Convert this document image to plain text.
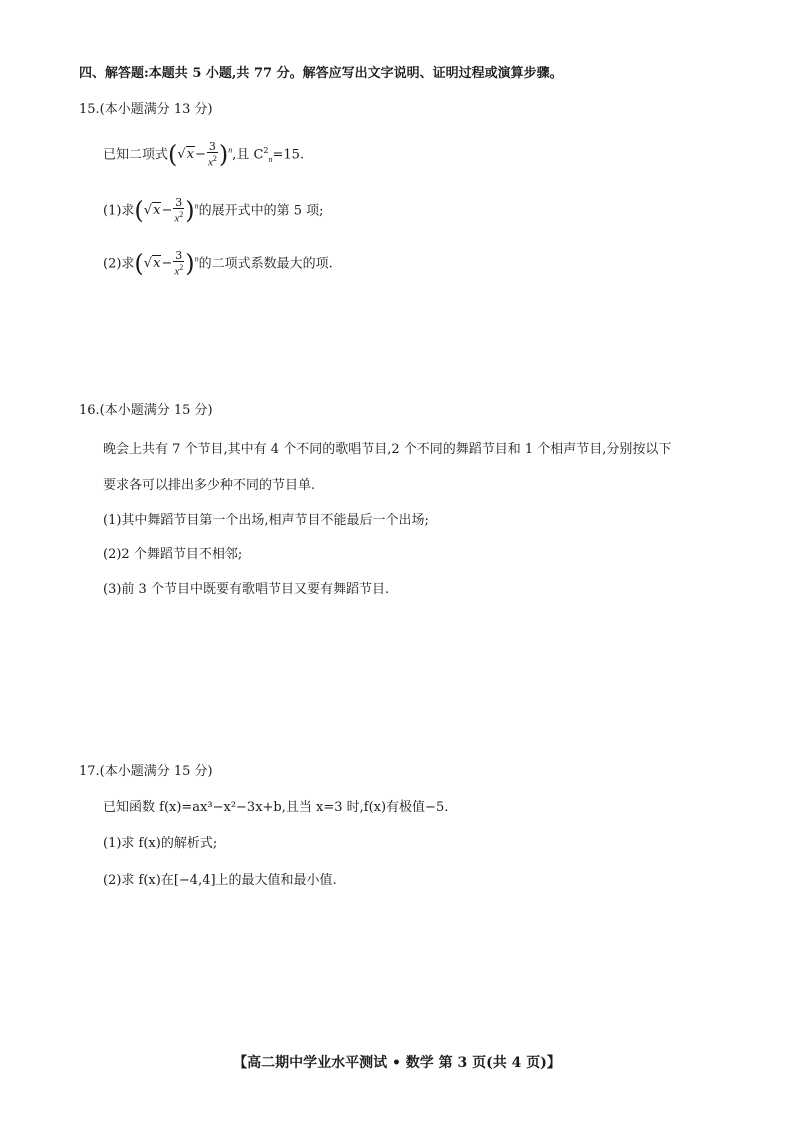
四、解答题:本题共 5 小题,共 77 分。解答应写出文字说明、证明过程或演算步骤。
15.(本小题满分 13 分)
已知二项式$(√x- \frac{3}{x^2} )^n$,且 $C^2_n=15$.
(1)求$(√x- \frac{3}{x^2} )^n$的展开式中的第 5 项;
(2)求$(√x- \frac{3}{x^2} )^n$的二项式系数最大的项.
16.(本小题满分 15 分)
晚会上共有 7 个节目,其中有 4 个不同的歌唱节目,2 个不同的舞蹈节目和 1 个相声节目,分别按以下
要求各可以排出多少种不同的节目单.
(1)其中舞蹈节目第一个出场,相声节目不能最后一个出场;
(2)2 个舞蹈节目不相邻;
(3)前 3 个节目中既要有歌唱节目又要有舞蹈节目.
17.(本小题满分 15 分)
已知函数 f(x)=ax³−x²−3x+b,且当 x=3 时,f(x)有极值−5.
(1)求 f(x)的解析式;
(2)求 f(x)在[−4,4]上的最大值和最小值.
【高二期中学业水平测试 • 数学 第 3 页(共 4 页)】
